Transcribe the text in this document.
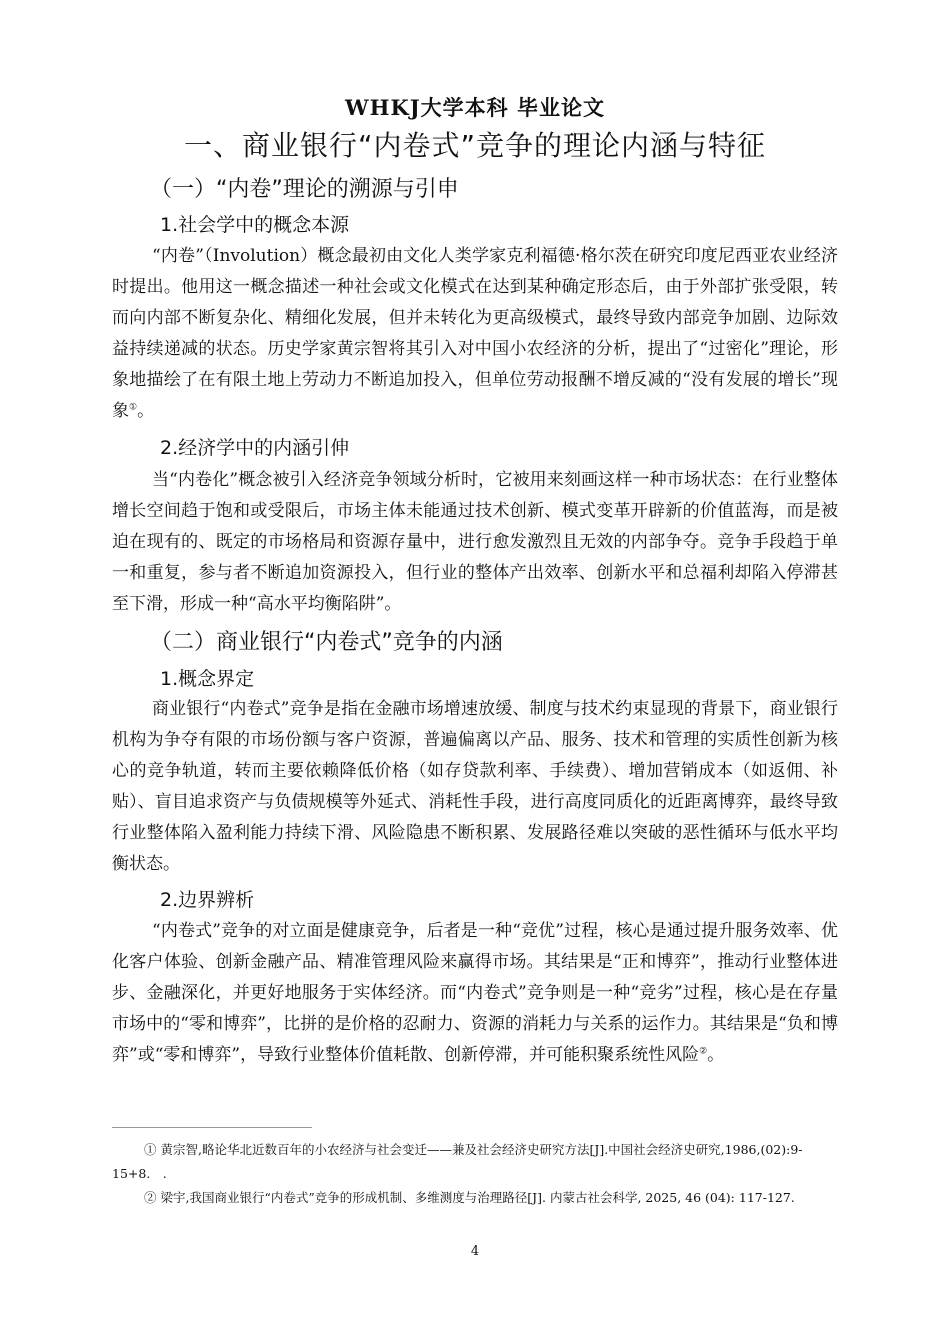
WHKJ大学本科 毕业论文
一、商业银行“内卷式”竞争的理论内涵与特征
（一）“内卷”理论的溯源与引申
1.社会学中的概念本源

“内卷”（Involution）概念最初由文化人类学家克利福德·格尔茨在研究印度尼西亚农业经济时提出。他用这一概念描述一种社会或文化模式在达到某种确定形态后，由于外部扩张受限，转而向内部不断复杂化、精细化发展，但并未转化为更高级模式，最终导致内部竞争加剧、边际效益持续递减的状态。历史学家黄宗智将其引入对中国小农经济的分析，提出了“过密化”理论，形象地描绘了在有限土地上劳动力不断追加投入，但单位劳动报酬不增反减的“没有发展的增长”现象①。

2.经济学中的内涵引伸

当“内卷化”概念被引入经济竞争领域分析时，它被用来刻画这样一种市场状态：在行业整体增长空间趋于饱和或受限后，市场主体未能通过技术创新、模式变革开辟新的价值蓝海，而是被迫在现有的、既定的市场格局和资源存量中，进行愈发激烈且无效的内部争夺。竞争手段趋于单一和重复，参与者不断追加资源投入，但行业的整体产出效率、创新水平和总福利却陷入停滞甚至下滑，形成一种“高水平均衡陷阱”。

（二）商业银行“内卷式”竞争的内涵
1.概念界定

商业银行“内卷式”竞争是指在金融市场增速放缓、制度与技术约束显现的背景下，商业银行机构为争夺有限的市场份额与客户资源，普遍偏离以产品、服务、技术和管理的实质性创新为核心的竞争轨道，转而主要依赖降低价格（如存贷款利率、手续费）、增加营销成本（如返佣、补贴）、盲目追求资产与负债规模等外延式、消耗性手段，进行高度同质化的近距离博弈，最终导致行业整体陷入盈利能力持续下滑、风险隐患不断积累、发展路径难以突破的恶性循环与低水平均衡状态。

2.边界辨析

“内卷式”竞争的对立面是健康竞争，后者是一种“竞优”过程，核心是通过提升服务效率、优化客户体验、创新金融产品、精准管理风险来赢得市场。其结果是“正和博弈”，推动行业整体进步、金融深化，并更好地服务于实体经济。而“内卷式”竞争则是一种“竞劣”过程，核心是在存量市场中的“零和博弈”，比拼的是价格的忍耐力、资源的消耗力与关系的运作力。其结果是“负和博弈”或“零和博弈”，导致行业整体价值耗散、创新停滞，并可能积聚系统性风险②。

① 黄宗智,略论华北近数百年的小农经济与社会变迁——兼及社会经济史研究方法[J].中国社会经济史研究,1986,(02):9-15+8.　.

② 梁宇,我国商业银行“内卷式”竞争的形成机制、多维测度与治理路径[J]. 内蒙古社会科学, 2025, 46 (04): 117-127.

4
